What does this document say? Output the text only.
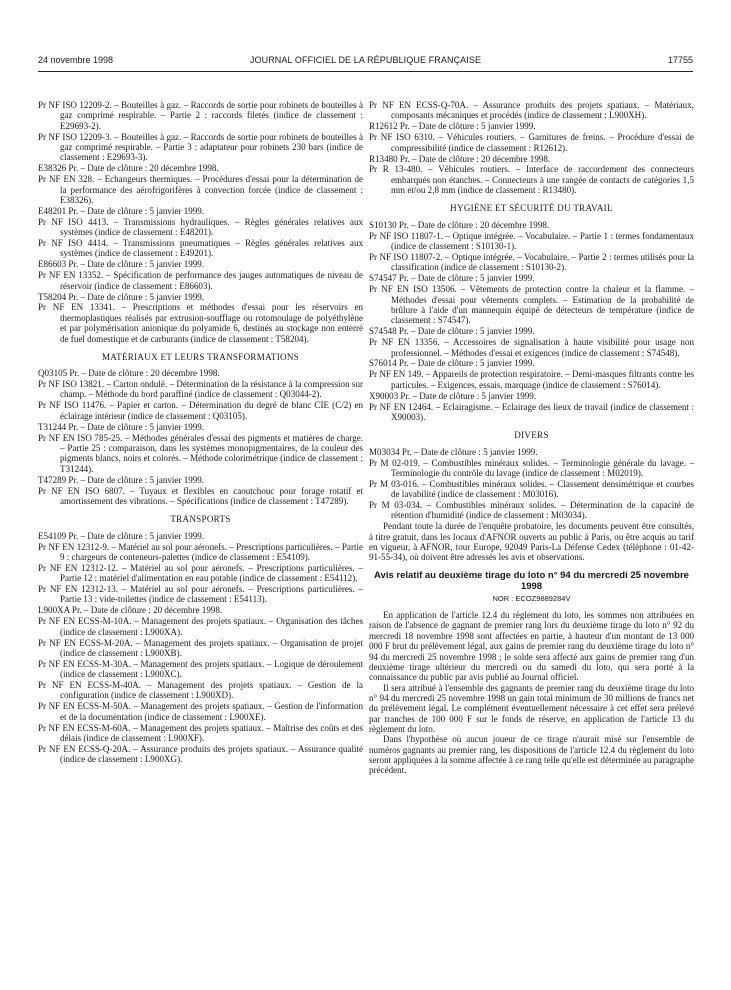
24 novembre 1998	JOURNAL OFFICIEL DE LA RÉPUBLIQUE FRANÇAISE	17755
Pr NF ISO 12209-2. – Bouteilles à gaz. – Raccords de sortie pour robinets de bouteilles à gaz comprimé respirable. – Partie 2 : raccords filetés (indice de classement : E29693-2).
Pr NF ISO 12209-3. – Bouteilles à gaz. – Raccords de sortie pour robinets de bouteilles à gaz comprimé respirable. – Partie 3 : adaptateur pour robinets 230 bars (indice de classement : E29693-3).
E38326 Pr. – Date de clôture : 20 décembre 1998.
Pr NF EN 328. – Echangeurs thermiques. – Procédures d'essai pour la détermination de la performance des aérofrigorifères à convection forcée (indice de classement : E38326).
E48201 Pr. – Date de clôture : 5 janvier 1999.
Pr NF ISO 4413. – Transmissions hydrauliques. – Règles générales relatives aux systèmes (indice de classement : E48201).
Pr NF ISO 4414. – Transmissions pneumatiques – Règles générales relatives aux systèmes (indice de classement : E49201).
E86603 Pr. – Date de clôture : 5 janvier 1999.
Pr NF EN 13352. – Spécification de performance des jauges automatiques de niveau de réservoir (indice de classement : E86603).
T58204 Pr. – Date de clôture : 5 janvier 1999.
Pr NF EN 13341. – Prescriptions et méthodes d'essai pour les réservoirs en thermoplastiques réalisés par extrusion-soufflage ou rotomoulage de polyéthylène et par polymérisation anionique du polyamide 6, destinés au stockage non enterré de fuel domestique et de carburants (indice de classement : T58204).
MATÉRIAUX ET LEURS TRANSFORMATIONS
Q03105 Pr. – Date de clôture : 20 décembre 1998.
Pr NF ISO 13821. – Carton ondulé. – Détermination de la résistance à la compression sur champ. – Méthode du bord paraffiné (indice de classement : Q03044-2).
Pr NF ISO 11476. – Papier et carton. – Détermination du degré de blanc CIE (C/2) en éclairage intérieur (indice de classement : Q03105).
T31244 Pr. – Date de clôture : 5 janvier 1999.
Pr NF EN ISO 785-25. – Méthodes générales d'essai des pigments et matières de charge. – Partie 25 : comparaison, dans les systèmes monopigmentaires, de la couleur des pigments blancs, noirs et colorés. – Méthode colorimétrique (indice de classement : T31244).
T47289 Pr. – Date de clôture : 5 janvier 1999.
Pr NF EN ISO 6807. – Tuyaux et flexibles en caoutchouc pour forage rotatif et amortissement des vibrations. – Spécifications (indice de classement : T47289).
TRANSPORTS
E54109 Pr. – Date de clôture : 5 janvier 1999.
Pr NF EN 12312-9. – Matériel au sol pour aéronefs. – Prescriptions particulières. – Partie 9 : chargeurs de conteneurs-palettes (indice de classement : E54109).
Pr NF EN 12312-12. – Matériel au sol pour aéronefs. – Prescriptions particulières. – Partie 12 : matériel d'alimentation en eau potable (indice de classement : E54112).
Pr NF EN 12312-13. – Matériel au sol pour aéronefs. – Prescriptions particulières. – Partie 13 : vide-toilettes (indice de classement : E54113).
L900XA Pr. – Date de clôture : 20 décembre 1998.
Pr NF EN ECSS-M-10A. – Management des projets spatiaux. – Organisation des tâches (indice de classement : L900XA).
Pr NF EN ECSS-M-20A. – Management des projets spatiaux. – Organisation de projet (indice de classement : L900XB).
Pr NF EN ECSS-M-30A. – Management des projets spatiaux. – Logique de déroulement (indice de classement : L900XC).
Pr NF EN ECSS-M-40A. – Management des projets spatiaux. – Gestion de la configuration (indice de classement : L900XD).
Pr NF EN ECSS-M-50A. – Management des projets spatiaux. – Gestion de l'information et de la documentation (indice de classement : L900XE).
Pr NF EN ECSS-M-60A. – Management des projets spatiaux. – Maîtrise des coûts et des délais (indice de classement : L900XF).
Pr NF EN ECSS-Q-20A. – Assurance produits des projets spatiaux. – Assurance qualité (indice de classement : L900XG).
Pr NF EN ECSS-Q-70A. – Assurance produits des projets spatiaux. – Matériaux, composants mécaniques et procédés (indice de classement : L900XH).
R12612 Pr. – Date de clôture : 5 janvier 1999.
Pr NF ISO 6310. – Véhicules routiers. – Garnitures de freins. – Procédure d'essai de compressibilité (indice de classement : R12612).
R13480 Pr. – Date de clôture : 20 décembre 1998.
Pr R 13-480. – Véhicules routiers. – Interface de raccordement des connecteurs embarqués non étanches. – Connecteurs à une rangée de contacts de catégories 1,5 mm et/ou 2,8 mm (indice de classement : R13480).
HYGIÈNE ET SÉCURITÉ DU TRAVAIL
S10130 Pr. – Date de clôture : 20 décembre 1998.
Pr NF ISO 11807-1. – Optique intégrée. – Vocabulaire. – Partie 1 : termes fondamentaux (indice de classement : S10130-1).
Pr NF ISO 11807-2. – Optique intégrée. – Vocabulaire. – Partie 2 : termes utilisés pour la classification (indice de classement : S10130-2).
S74547 Pr. – Date de clôture : 5 janvier 1999.
Pr NF EN ISO 13506. – Vêtements de protection contre la chaleur et la flamme. – Méthodes d'essai pour vêtements complets. – Estimation de la probabilité de brûlure à l'aide d'un mannequin équipé de détecteurs de température (indice de classement : S74547).
S74548 Pr. – Date de clôture : 5 janvier 1999.
Pr NF EN 13356. – Accessoires de signalisation à haute visibilité pour usage non professionnel. – Méthodes d'essai et exigences (indice de classement : S74548).
S76014 Pr. – Date de clôture : 5 janvier 1999.
Pr NF EN 149. – Appareils de protection respiratoire. – Demi-masques filtrants contre les particules. – Exigences, essais, marquage (indice de classement : S76014).
X90003 Pr. – Date de clôture : 5 janvier 1999.
Pr NF EN 12464. – Eclairagisme. – Eclairage des lieux de travail (indice de classement : X90003).
DIVERS
M03034 Pr. – Date de clôture : 5 janvier 1999.
Pr M 02-019. – Combustibles minéraux solides. – Terminologie générale du lavage. – Terminologie du contrôle du lavage (indice de classement : M02019).
Pr M 03-016. – Combustibles minéraux solides. – Classement densimétrique et courbes de lavabilité (indice de classement : M03016).
Pr M 03-034. – Combustibles minéraux solides. – Détermination de la capacité de rétention d'humidité (indice de classement : M03034).
Pendant toute la durée de l'enquête probatoire, les documents peuvent être consultés, à titre gratuit, dans les locaux d'AFNOR ouverts au public à Paris, ou être acquis au tarif en vigueur, à AFNOR, tour Europe, 92049 Paris-La Défense Cedex (téléphone : 01-42-91-55-34), où doivent être adressés les avis et observations.
Avis relatif au deuxième tirage du loto n° 94 du mercredi 25 novembre 1998
NOR : ECOZ9889284V
En application de l'article 12.4 du règlement du loto, les sommes non attribuées en raison de l'absence de gagnant de premier rang lors du deuxième tirage du loto n° 92 du mercredi 18 novembre 1998 sont affectées en partie, à hauteur d'un montant de 13 000 000 F brut du prélèvement légal, aux gains de premier rang du deuxième tirage du loto n° 94 du mercredi 25 novembre 1998 ; le solde sera affecté aux gains de premier rang d'un deuxième tirage ultérieur du mercredi ou du samedi du loto, qui sera porté à la connaissance du public par avis publié au Journal officiel.
Il sera attribué à l'ensemble des gagnants de premier rang du deuxième tirage du loto n° 94 du mercredi 25 novembre 1998 un gain total minimum de 30 millions de francs net du prélèvement légal. Le complément éventuellement nécessaire à cet effet sera prélevé par tranches de 100 000 F sur le fonds de réserve, en application de l'article 13 du règlement du loto.
Dans l'hypothèse où aucun joueur de ce tirage n'aurait misé sur l'ensemble de numéros gagnants au premier rang, les dispositions de l'article 12.4 du règlement du loto seront appliquées à la somme affectée à ce rang telle qu'elle est déterminée au paragraphe précédent.
